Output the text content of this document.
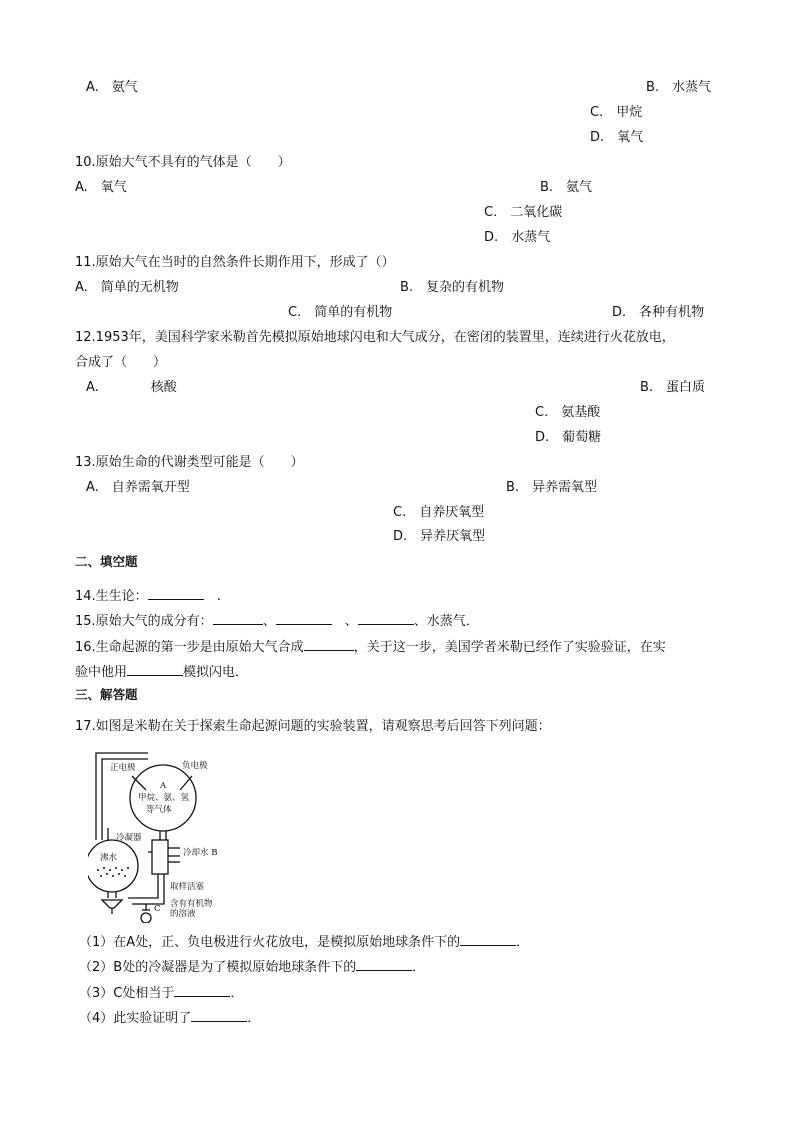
A.　氨气	B.　水蒸气
C.　甲烷
D.　氧气
10.原始大气不具有的气体是（　　）
A.　氧气	B.　氨气
C.　二氧化碳
D.　水蒸气
11.原始大气在当时的自然条件长期作用下，形成了（）
A.　简单的无机物	B.　复杂的有机物
C.　简单的有机物	D.　各种有机物
12.1953年，美国科学家米勒首先模拟原始地球闪电和大气成分，在密闭的装置里，连续进行火花放电，
合成了（　　）
A.　　　　核酸	B.　蛋白质
C.　氨基酸
D.　葡萄糖
13.原始生命的代谢类型可能是（　　）
A.　自养需氧开型	B.　异养需氧型
C.　自养厌氧型
D.　异养厌氧型
二、填空题
14.生生论：	　.
15.原始大气的成分有：	、	　、	、水蒸气．
16.生命起源的第一步是由原始大气合成	，关于这一步，美国学者米勒已经作了实验验证，在实
验中他用	模拟闪电．
三、解答题
17.如图是米勒在关于探索生命起源问题的实验装置，请观察思考后回答下列问题：
正电极	负电极
A
甲烷、氨、氢
等气体
冷凝器
冷却水 B
沸水
取样活塞
C 含有有机物
的溶液
（1）在A处，正、负电极进行火花放电，是模拟原始地球条件下的	．
（2）B处的冷凝器是为了模拟原始地球条件下的	．
（3）C处相当于	．
（4）此实验证明了	．
